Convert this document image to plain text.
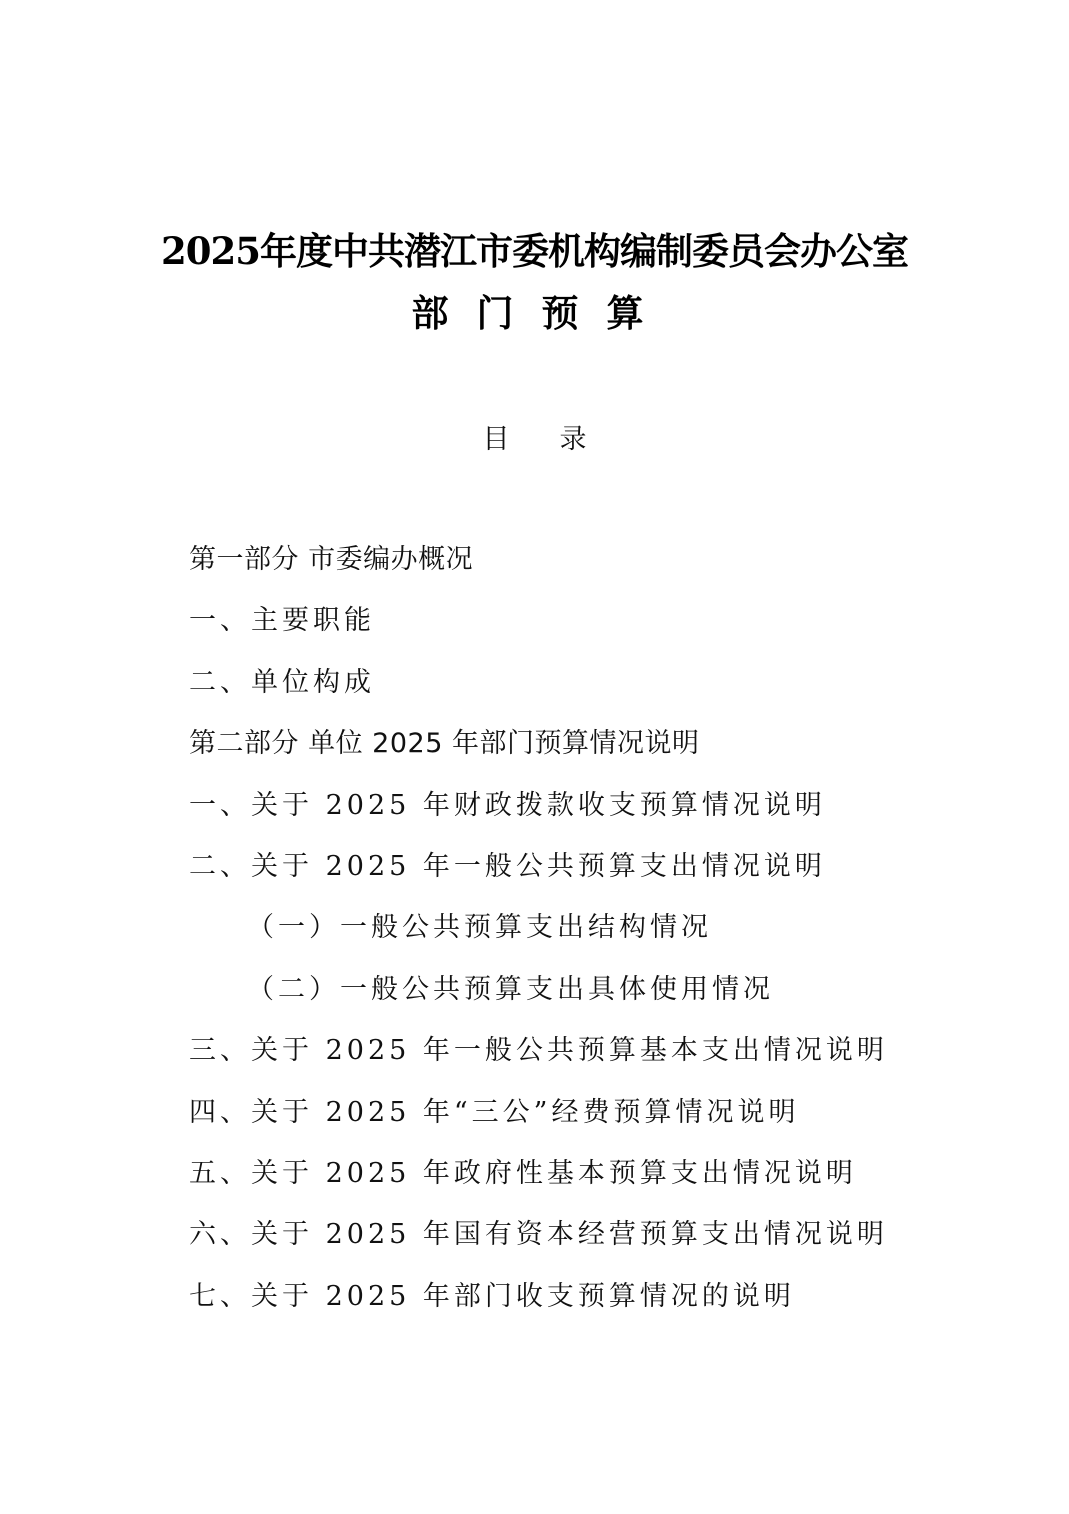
2025年度中共潜江市委机构编制委员会办公室
部门预算
目录
第一部分 市委编办概况
一、主要职能
二、单位构成
第二部分 单位 2025 年部门预算情况说明
一、关于 2025 年财政拨款收支预算情况说明
二、关于 2025 年一般公共预算支出情况说明
（一）一般公共预算支出结构情况
（二）一般公共预算支出具体使用情况
三、关于 2025 年一般公共预算基本支出情况说明
四、关于 2025 年“三公”经费预算情况说明
五、关于 2025 年政府性基本预算支出情况说明
六、关于 2025 年国有资本经营预算支出情况说明
七、关于 2025 年部门收支预算情况的说明
